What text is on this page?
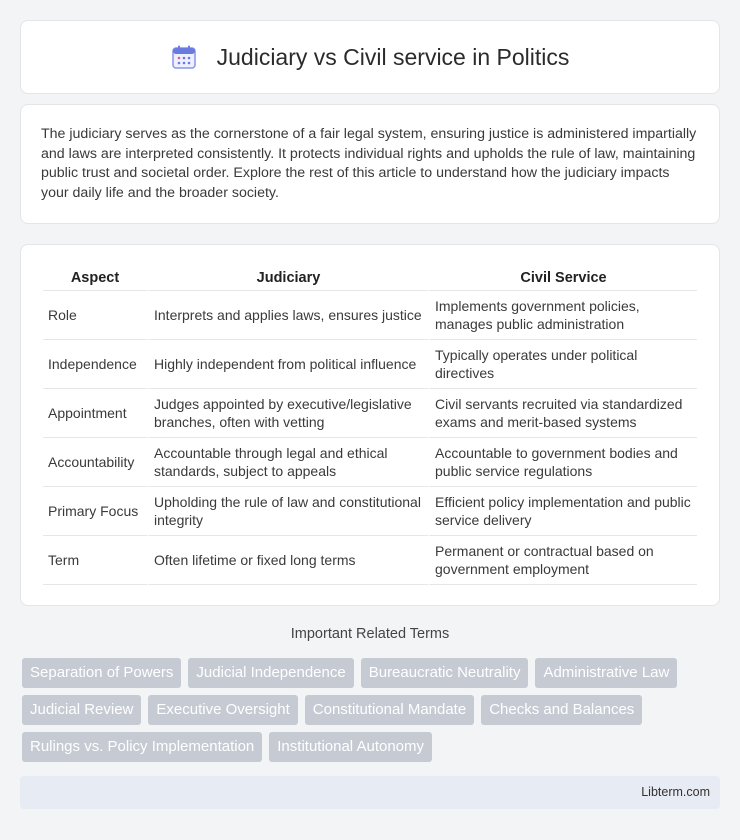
Judiciary vs Civil service in Politics

The judiciary serves as the cornerstone of a fair legal system, ensuring justice is administered impartially and laws are interpreted consistently. It protects individual rights and upholds the rule of law, maintaining public trust and societal order. Explore the rest of this article to understand how the judiciary impacts your daily life and the broader society.

Aspect	Judiciary	Civil Service
Role	Interprets and applies laws, ensures justice	Implements government policies, manages public administration
Independence	Highly independent from political influence	Typically operates under political directives
Appointment	Judges appointed by executive/legislative branches, often with vetting	Civil servants recruited via standardized exams and merit-based systems
Accountability	Accountable through legal and ethical standards, subject to appeals	Accountable to government bodies and public service regulations
Primary Focus	Upholding the rule of law and constitutional integrity	Efficient policy implementation and public service delivery
Term	Often lifetime or fixed long terms	Permanent or contractual based on government employment
Important Related Terms
Separation of Powers	Judicial Independence	Bureaucratic Neutrality	Administrative Law
Judicial Review	Executive Oversight	Constitutional Mandate	Checks and Balances
Rulings vs. Policy Implementation	Institutional Autonomy
Libterm.com
